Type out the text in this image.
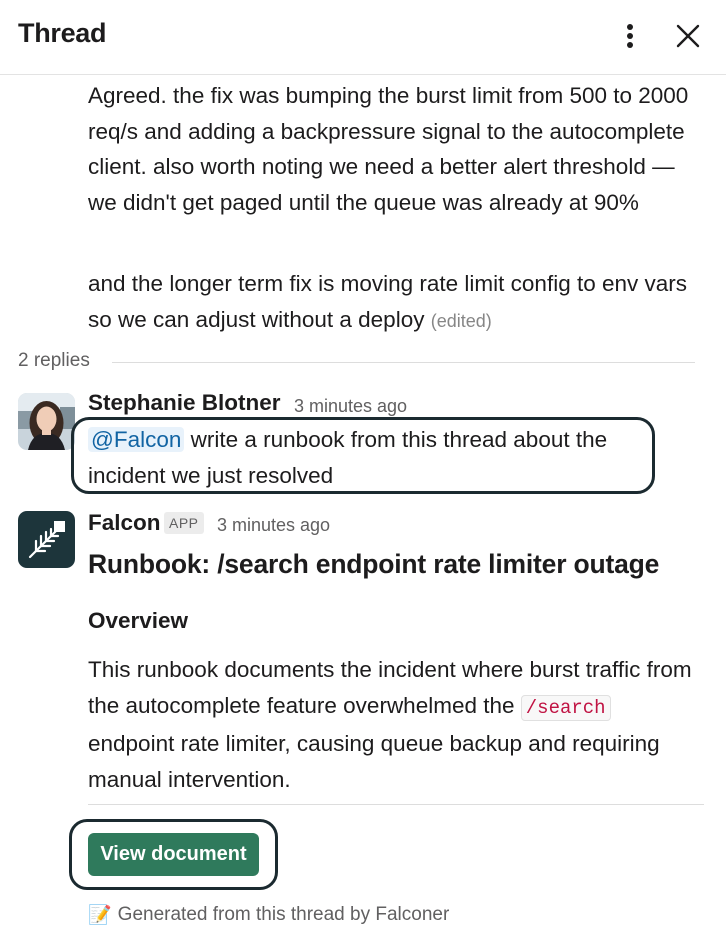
Thread
Agreed. the fix was bumping the burst limit from 500 to 2000 req/s and adding a backpressure signal to the autocomplete client. also worth noting we need a better alert threshold — we didn't get paged until the queue was already at 90%
and the longer term fix is moving rate limit config to env vars so we can adjust without a deploy (edited)
2 replies
Stephanie Blotner 3 minutes ago
@Falcon write a runbook from this thread about the
incident we just resolved
Falcon APP 3 minutes ago
Runbook: /search endpoint rate limiter outage
Overview
This runbook documents the incident where burst traffic from the autocomplete feature overwhelmed the /search endpoint rate limiter, causing queue backup and requiring manual intervention.
View document
📝 Generated from this thread by Falconer
